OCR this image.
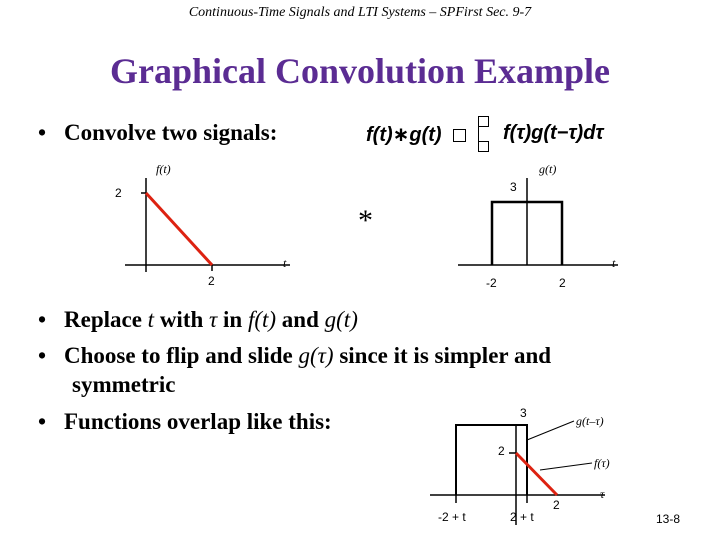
Continuous-Time Signals and LTI Systems – SPFirst Sec. 9-7
Graphical Convolution Example
• Convolve two signals:	f(t)∗g(t)	f(τ)g(t−τ)dτ
f(t)
2
2
t
*
g(t)
3
-2	2
t
• Replace t with τ in f(t) and g(t)
• Choose to flip and slide g(τ) since it is simpler and
symmetric
• Functions overlap like this:	3
g(t–τ)
2
f(τ)
2
τ
-2 + t	2 + t	13-8
